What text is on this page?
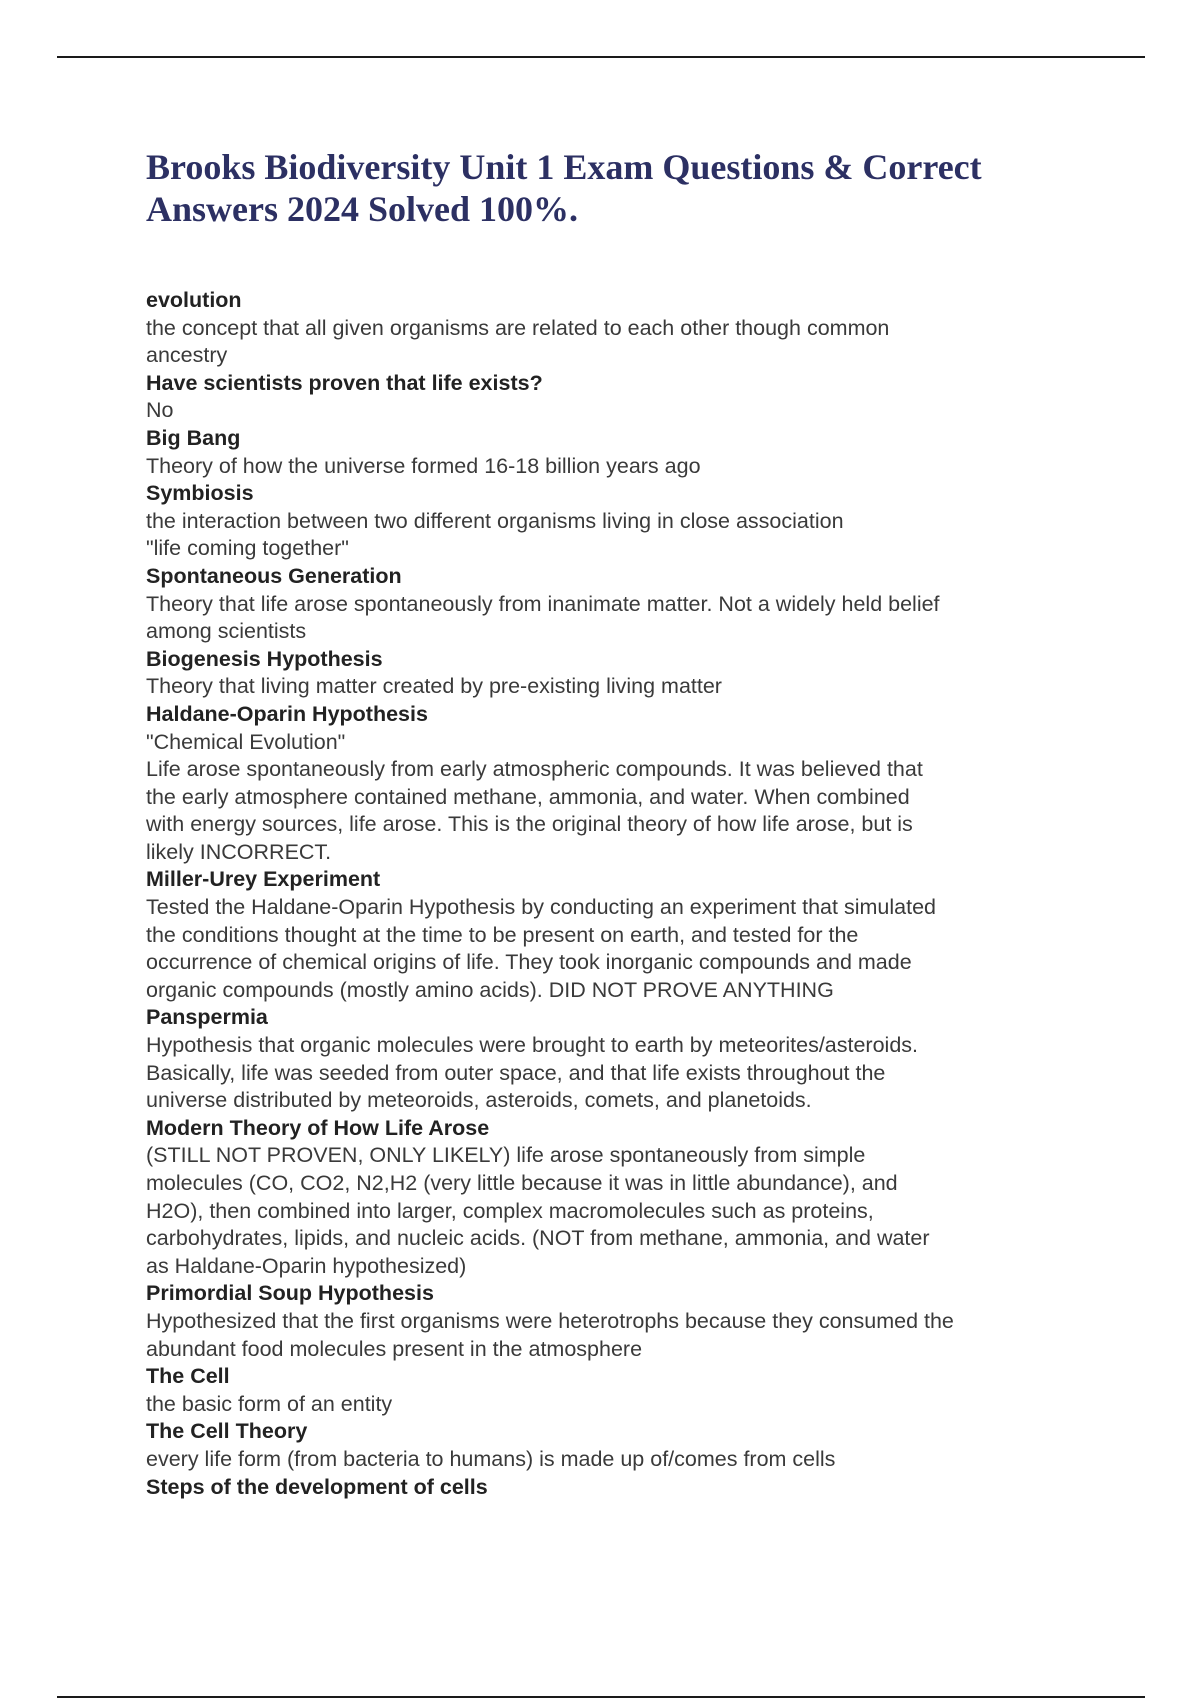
Brooks Biodiversity Unit 1 Exam Questions & Correct
Answers 2024 Solved 100%.

evolution

the concept that all given organisms are related to each other though common

ancestry

Have scientists proven that life exists?

No

Big Bang

Theory of how the universe formed 16-18 billion years ago

Symbiosis

the interaction between two different organisms living in close association

"life coming together"

Spontaneous Generation

Theory that life arose spontaneously from inanimate matter. Not a widely held belief

among scientists

Biogenesis Hypothesis

Theory that living matter created by pre-existing living matter

Haldane-Oparin Hypothesis

"Chemical Evolution"

Life arose spontaneously from early atmospheric compounds. It was believed that

the early atmosphere contained methane, ammonia, and water. When combined

with energy sources, life arose. This is the original theory of how life arose, but is

likely INCORRECT.

Miller-Urey Experiment

Tested the Haldane-Oparin Hypothesis by conducting an experiment that simulated

the conditions thought at the time to be present on earth, and tested for the

occurrence of chemical origins of life. They took inorganic compounds and made

organic compounds (mostly amino acids). DID NOT PROVE ANYTHING

Panspermia

Hypothesis that organic molecules were brought to earth by meteorites/asteroids.

Basically, life was seeded from outer space, and that life exists throughout the

universe distributed by meteoroids, asteroids, comets, and planetoids.

Modern Theory of How Life Arose

(STILL NOT PROVEN, ONLY LIKELY) life arose spontaneously from simple

molecules (CO, CO2, N2,H2 (very little because it was in little abundance), and

H2O), then combined into larger, complex macromolecules such as proteins,

carbohydrates, lipids, and nucleic acids. (NOT from methane, ammonia, and water

as Haldane-Oparin hypothesized)

Primordial Soup Hypothesis

Hypothesized that the first organisms were heterotrophs because they consumed the

abundant food molecules present in the atmosphere

The Cell

the basic form of an entity

The Cell Theory

every life form (from bacteria to humans) is made up of/comes from cells

Steps of the development of cells
